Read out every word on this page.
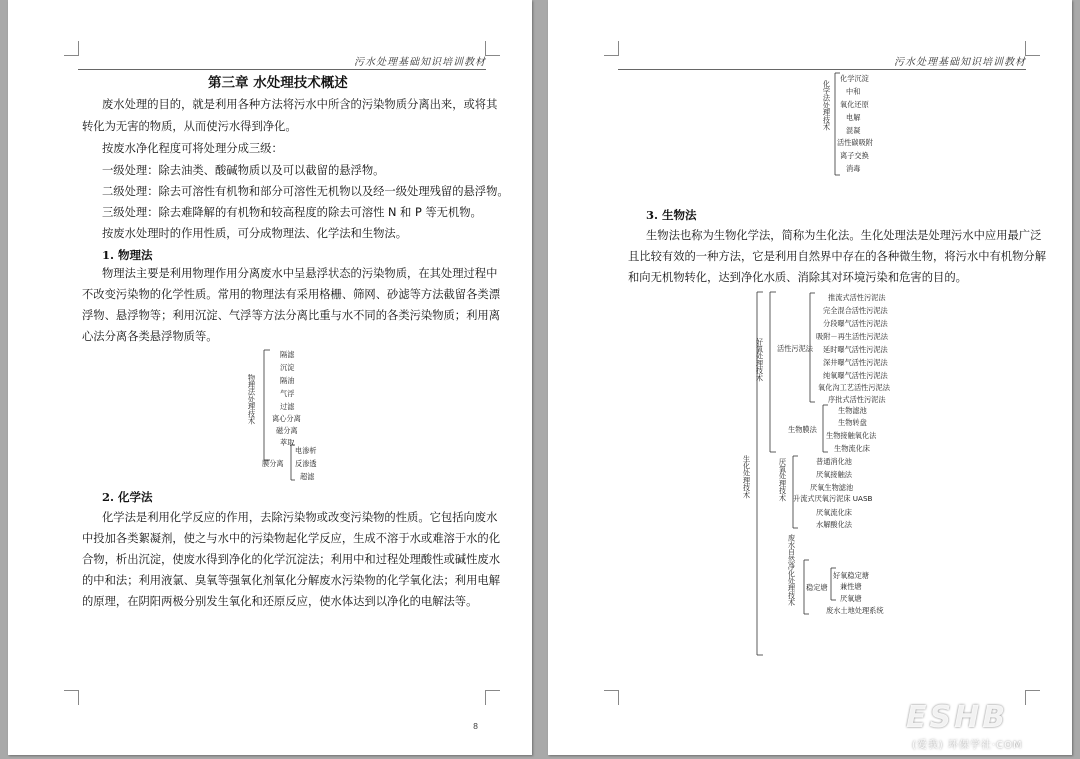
污水处理基础知识培训教材
第三章 水处理技术概述
废水处理的目的，就是利用各种方法将污水中所含的污染物质分离出来，或将其
转化为无害的物质，从而使污水得到净化。
按废水净化程度可将处理分成三级：
一级处理：除去油类、酸碱物质以及可以截留的悬浮物。
二级处理：除去可溶性有机物和部分可溶性无机物以及经一级处理残留的悬浮物。
三级处理：除去难降解的有机物和较高程度的除去可溶性 N 和 P 等无机物。
按废水处理时的作用性质，可分成物理法、化学法和生物法。
1. 物理法
物理法主要是利用物理作用分离废水中呈悬浮状态的污染物质，在其处理过程中
不改变污染物的化学性质。常用的物理法有采用格栅、筛网、砂滤等方法截留各类漂
浮物、悬浮物等；利用沉淀、气浮等方法分离比重与水不同的各类污染物质；利用离
心法分离各类悬浮物质等。
物理法处理技术
隔滤
沉淀
隔油
气浮
过滤
离心分离
磁分离
萃取
膜分离
电渗析
反渗透
超滤
2. 化学法
化学法是利用化学反应的作用，去除污染物或改变污染物的性质。它包括向废水
中投加各类絮凝剂，使之与水中的污染物起化学反应，生成不溶于水或难溶于水的化
合物，析出沉淀，使废水得到净化的化学沉淀法；利用中和过程处理酸性或碱性废水
的中和法；利用液氯、臭氧等强氧化剂氧化分解废水污染物的化学氧化法；利用电解
的原理，在阴阳两极分别发生氧化和还原反应，使水体达到以净化的电解法等。
8
污水处理基础知识培训教材
化学法处理技术
化学沉淀
中和
氧化还原
电解
混凝
活性碳吸附
离子交换
消毒
3. 生物法
生物法也称为生物化学法，简称为生化法。生化处理法是处理污水中应用最广泛
且比较有效的一种方法，它是利用自然界中存在的各种微生物，将污水中有机物分解
和向无机物转化，达到净化水质、消除其对环境污染和危害的目的。
生化处理技术
好氧处理技术 活性污泥法
推流式活性污泥法
完全混合活性污泥法
分段曝气活性污泥法
吸附－再生活性污泥法
延时曝气活性污泥法
深井曝气活性污泥法
纯氧曝气活性污泥法
氧化沟工艺活性污泥法
序批式活性污泥法
生物膜法
生物滤池
生物转盘
生物接触氧化法
生物流化床
厌氧处理技术	普通消化池
厌氧接触法
厌氧生物滤池
升流式厌氧污泥床 UASB
厌氧流化床
水解酸化法
废水自然净化处理技术 稳定塘
好氧稳定塘
兼性塘
厌氧塘
废水土地处理系统
ESHB
(爱我) 环保学社·COM
